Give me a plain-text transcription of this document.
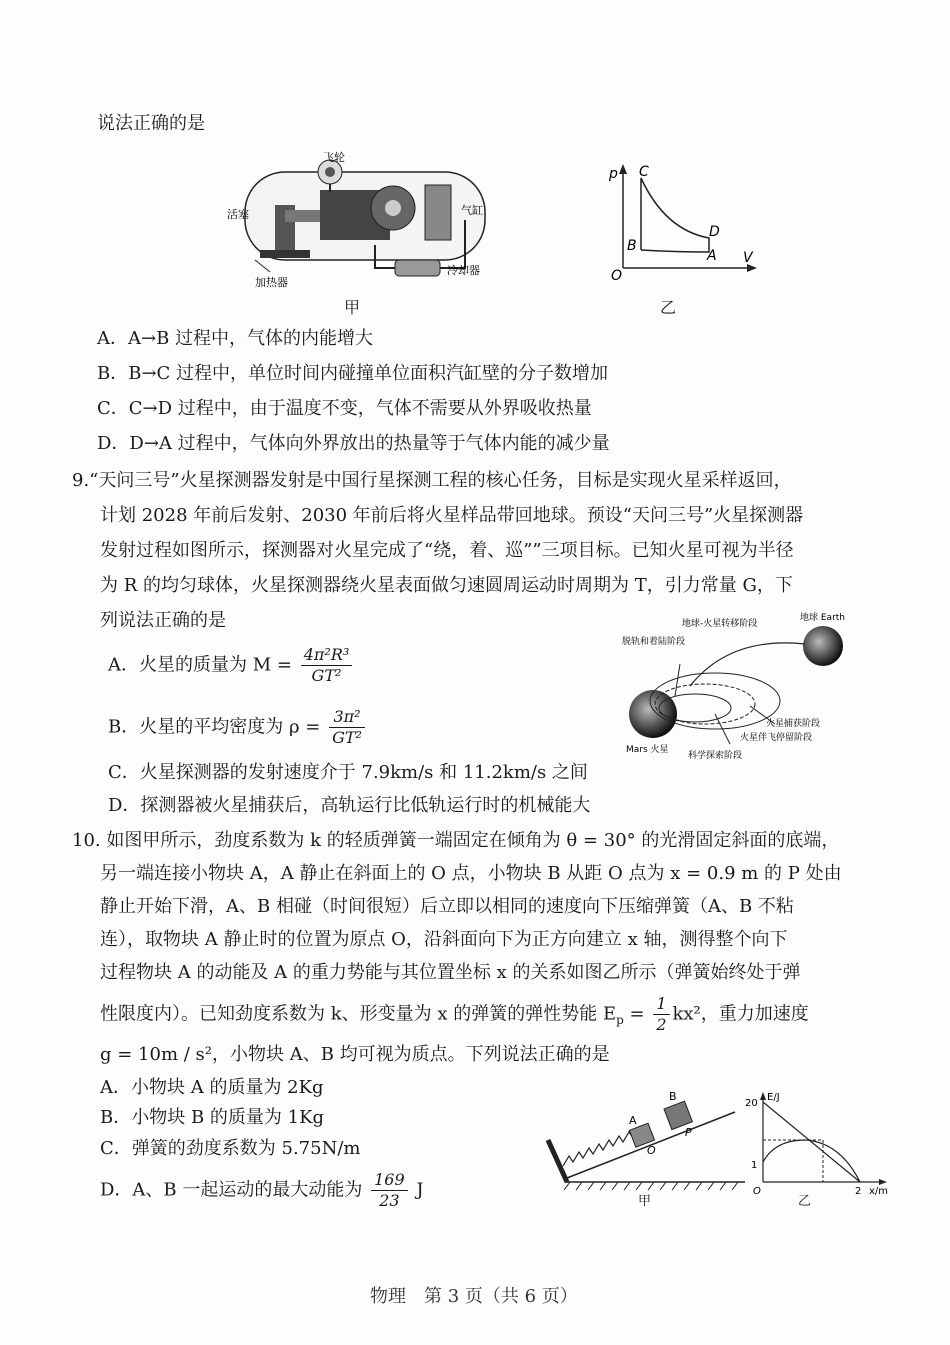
说法正确的是
飞轮
活塞	气缸
加热器
冷却器
甲
p
V
O
C
B
D
A
乙
A．A→B 过程中，气体的内能增大
B．B→C 过程中，单位时间内碰撞单位面积汽缸壁的分子数增加
C．C→D 过程中，由于温度不变，气体不需要从外界吸收热量
D．D→A 过程中，气体向外界放出的热量等于气体内能的减少量
9.“天问三号”火星探测器发射是中国行星探测工程的核心任务，目标是实现火星采样返回，
计划 2028 年前后发射、2030 年前后将火星样品带回地球。预设“天问三号”火星探测器
发射过程如图所示，探测器对火星完成了“绕，着、巡””三项目标。已知火星可视为半径
为 R 的均匀球体，火星探测器绕火星表面做匀速圆周运动时周期为 T，引力常量 G，下
列说法正确的是
A．火星的质量为 $M = \frac{\text{4π²R³}}{\text{GT²}}$
B．火星的平均密度为 $\rho = \frac{\text{3π²}}{\text{GT²}}$
C．火星探测器的发射速度介于 7.9km/s 和 11.2km/s 之间
D．探测器被火星捕获后，高轨运行比低轨运行时的机械能大
地球-火星转移阶段
地球 Earth
脱轨和着陆阶段
火星捕获阶段
火星伴飞停留阶段
Mars 火星
科学探索阶段
10. 如图甲所示，劲度系数为 k 的轻质弹簧一端固定在倾角为 θ = 30° 的光滑固定斜面的底端，
另一端连接小物块 A，A 静止在斜面上的 O 点，小物块 B 从距 O 点为 x = 0.9 m 的 P 处由
静止开始下滑，A、B 相碰（时间很短）后立即以相同的速度向下压缩弹簧（A、B 不粘
连），取物块 A 静止时的位置为原点 O，沿斜面向下为正方向建立 x 轴，测得整个向下
过程物块 A 的动能及 A 的重力势能与其位置坐标 x 的关系如图乙所示（弹簧始终处于弹
性限度内）。已知劲度系数为 k、形变量为 x 的弹簧的弹性势能 $E_p = \frac{1}{2} kx^2$，重力加速度
g = 10m / s²，小物块 A、B 均可视为质点。下列说法正确的是
A．小物块 A 的质量为 2Kg
B．小物块 B 的质量为 1Kg
C．弹簧的劲度系数为 5.75N/m
D．A、B 一起运动的最大动能为 $\frac{169}{23}$ J
A
B
O
P
甲
E/J
x/m
20
1
O	2
乙
物理　第 3 页（共 6 页）
